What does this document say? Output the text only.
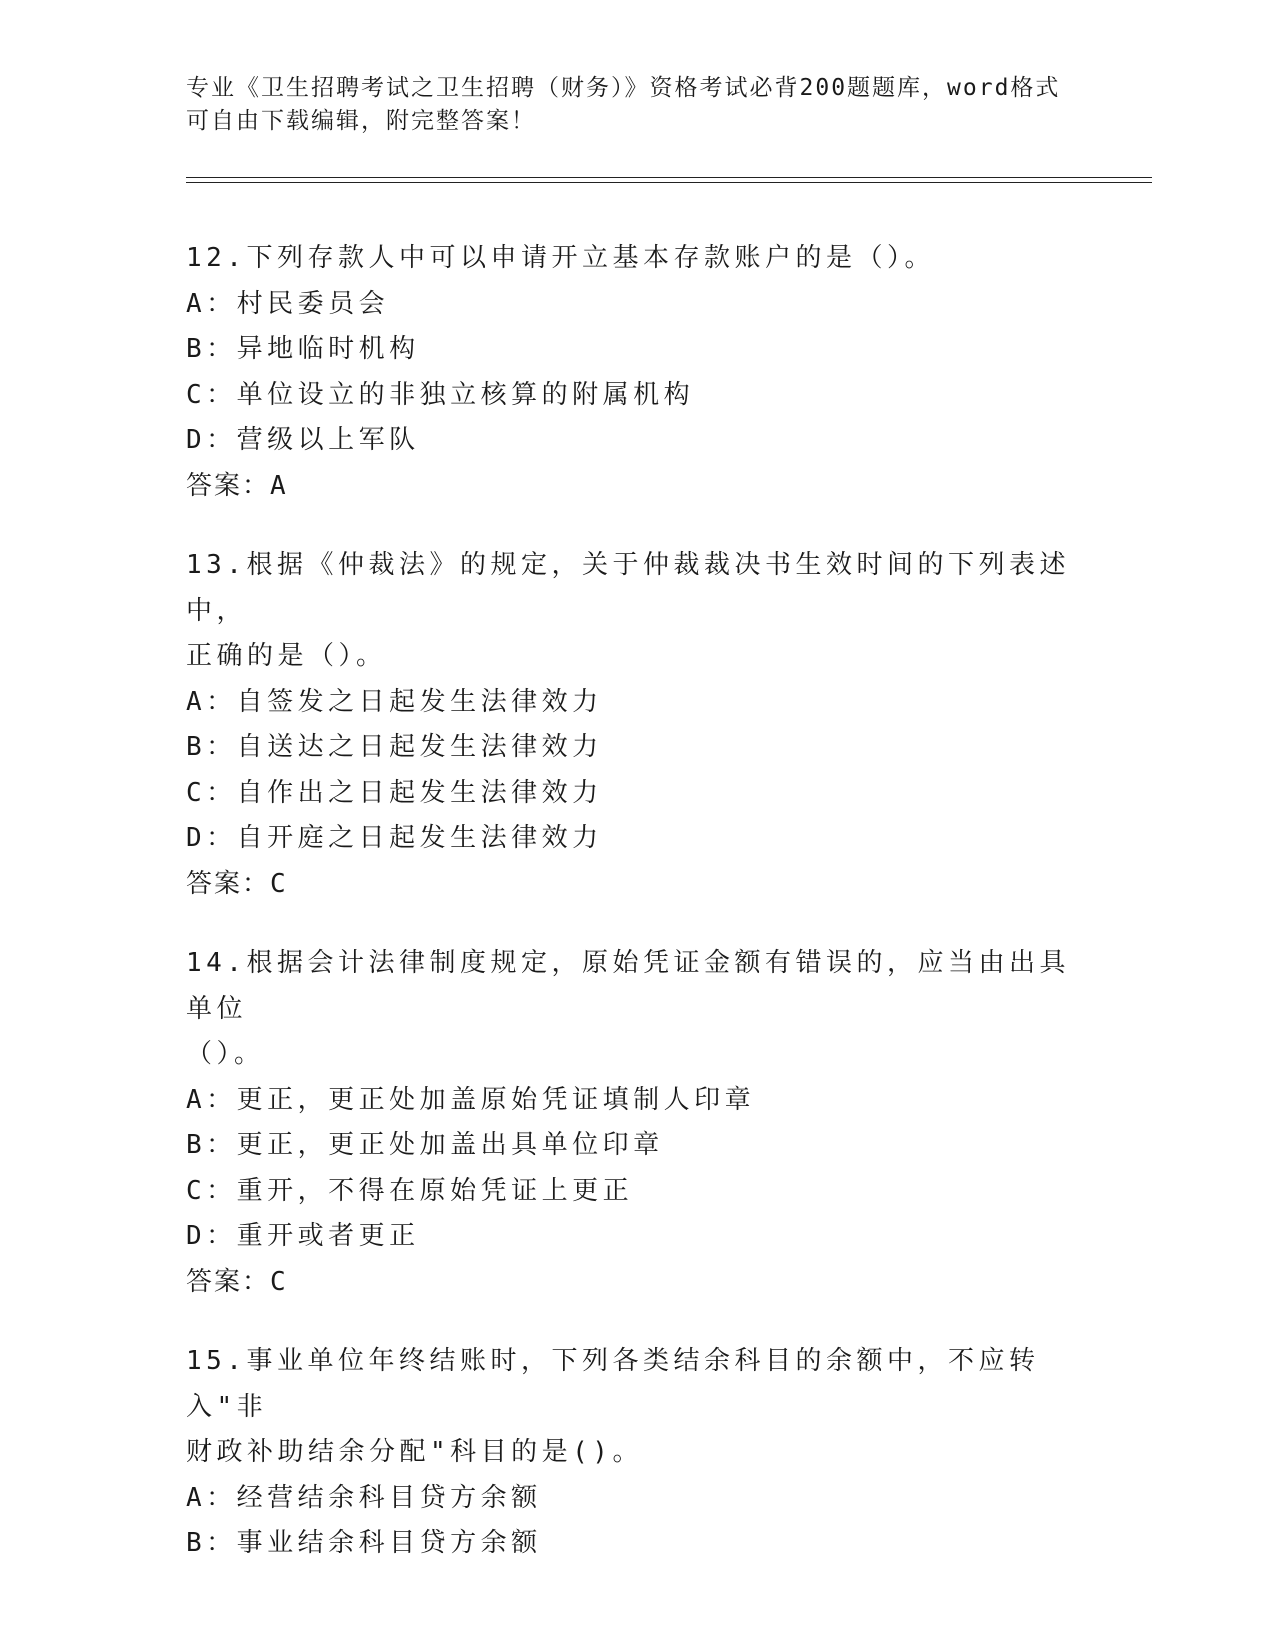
专业《卫生招聘考试之卫生招聘（财务）》资格考试必背200题题库，word格式
可自由下载编辑，附完整答案！
12.下列存款人中可以申请开立基本存款账户的是（）。
A：村民委员会
B：异地临时机构
C：单位设立的非独立核算的附属机构
D：营级以上军队
答案：A
13.根据《仲裁法》的规定，关于仲裁裁决书生效时间的下列表述中，
正确的是（）。
A：自签发之日起发生法律效力
B：自送达之日起发生法律效力
C：自作出之日起发生法律效力
D：自开庭之日起发生法律效力
答案：C
14.根据会计法律制度规定，原始凭证金额有错误的，应当由出具单位
（）。
A：更正，更正处加盖原始凭证填制人印章
B：更正，更正处加盖出具单位印章
C：重开，不得在原始凭证上更正
D：重开或者更正
答案：C
15.事业单位年终结账时，下列各类结余科目的余额中，不应转入"非
财政补助结余分配"科目的是()。
A：经营结余科目贷方余额
B：事业结余科目贷方余额
